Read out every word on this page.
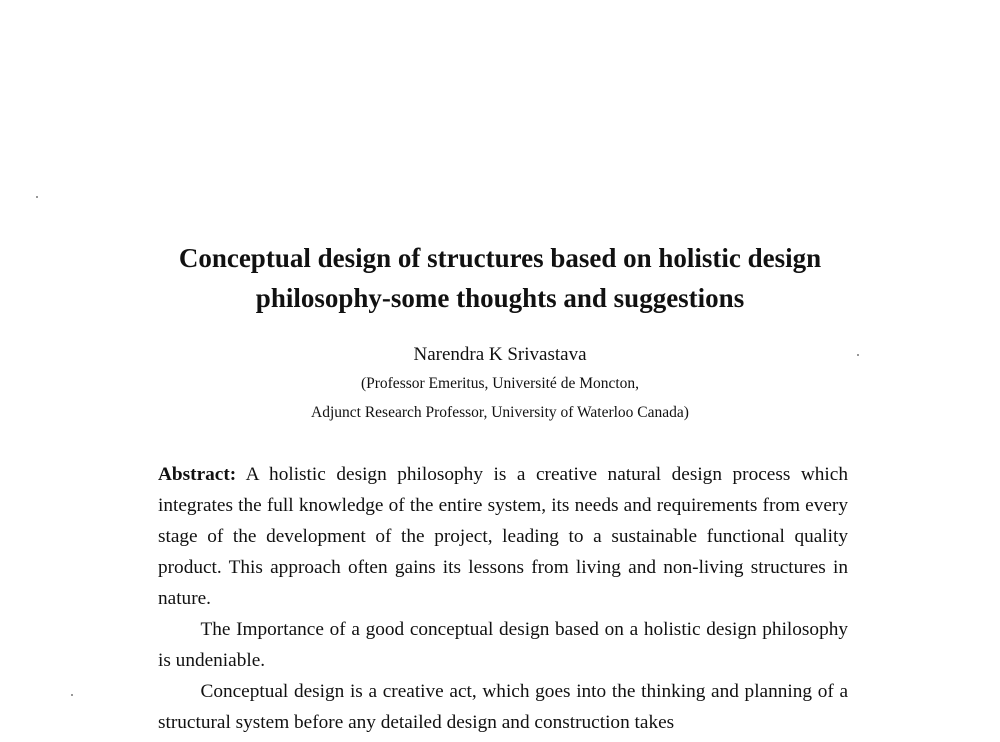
Conceptual design of structures based on holistic design
philosophy-some thoughts and suggestions
Narendra K Srivastava
(Professor Emeritus, Université de Moncton,
Adjunct Research Professor, University of Waterloo Canada)

Abstract: A holistic design philosophy is a creative natural design process which integrates the full knowledge of the entire system, its needs and requirements from every stage of the development of the project, leading to a sustainable functional quality product. This approach often gains its lessons from living and non-living structures in nature.

The Importance of a good conceptual design based on a holistic design philosophy is undeniable.

Conceptual design is a creative act, which goes into the thinking and planning of a structural system before any detailed design and construction takes
